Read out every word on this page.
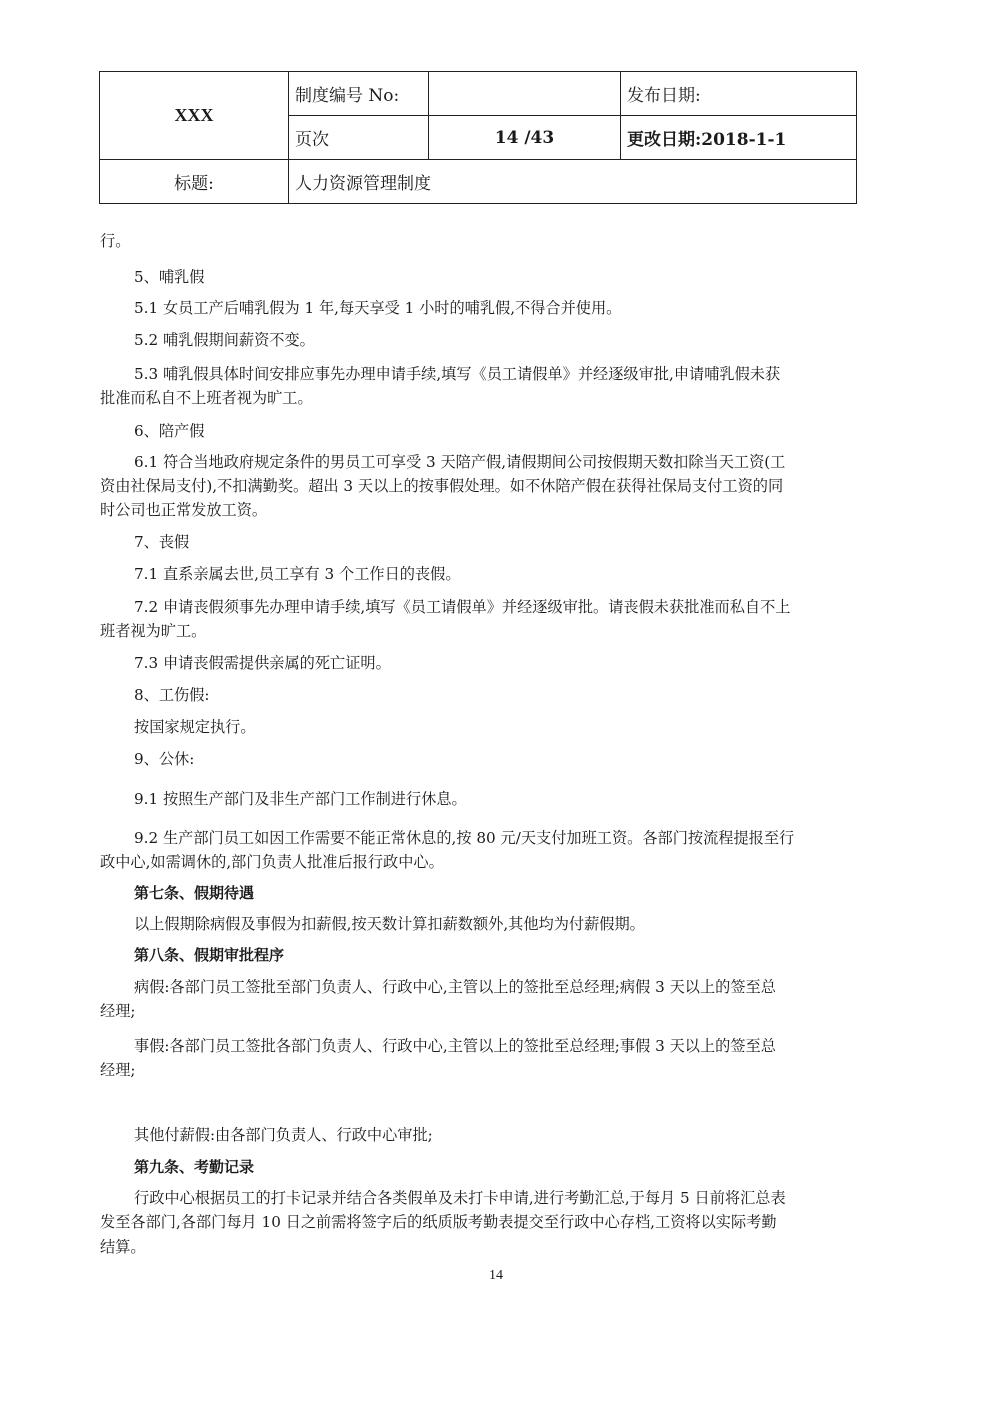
XXX	制度编号 No:		发布日期:
	页次	14 /43	更改日期:2018-1-1
标题:	人力资源管理制度		
行。
5、哺乳假
5.1 女员工产后哺乳假为 1 年,每天享受 1 小时的哺乳假,不得合并使用。
5.2 哺乳假期间薪资不变。
5.3 哺乳假具体时间安排应事先办理申请手续,填写《员工请假单》并经逐级审批,申请哺乳假未获
批准而私自不上班者视为旷工。
6、陪产假
6.1 符合当地政府规定条件的男员工可享受 3 天陪产假,请假期间公司按假期天数扣除当天工资(工
资由社保局支付),不扣满勤奖。超出 3 天以上的按事假处理。如不休陪产假在获得社保局支付工资的同
时公司也正常发放工资。
7、丧假
7.1 直系亲属去世,员工享有 3 个工作日的丧假。
7.2 申请丧假须事先办理申请手续,填写《员工请假单》并经逐级审批。请丧假未获批准而私自不上
班者视为旷工。
7.3 申请丧假需提供亲属的死亡证明。
8、工伤假:
按国家规定执行。
9、公休:
9.1 按照生产部门及非生产部门工作制进行休息。
9.2 生产部门员工如因工作需要不能正常休息的,按 80 元/天支付加班工资。各部门按流程提报至行
政中心,如需调休的,部门负责人批准后报行政中心。
第七条、假期待遇
以上假期除病假及事假为扣薪假,按天数计算扣薪数额外,其他均为付薪假期。
第八条、假期审批程序
病假:各部门员工签批至部门负责人、行政中心,主管以上的签批至总经理;病假 3 天以上的签至总
经理;
事假:各部门员工签批各部门负责人、行政中心,主管以上的签批至总经理;事假 3 天以上的签至总
经理;
其他付薪假:由各部门负责人、行政中心审批;
第九条、考勤记录
行政中心根据员工的打卡记录并结合各类假单及未打卡申请,进行考勤汇总,于每月 5 日前将汇总表
发至各部门,各部门每月 10 日之前需将签字后的纸质版考勤表提交至行政中心存档,工资将以实际考勤
结算。
14
